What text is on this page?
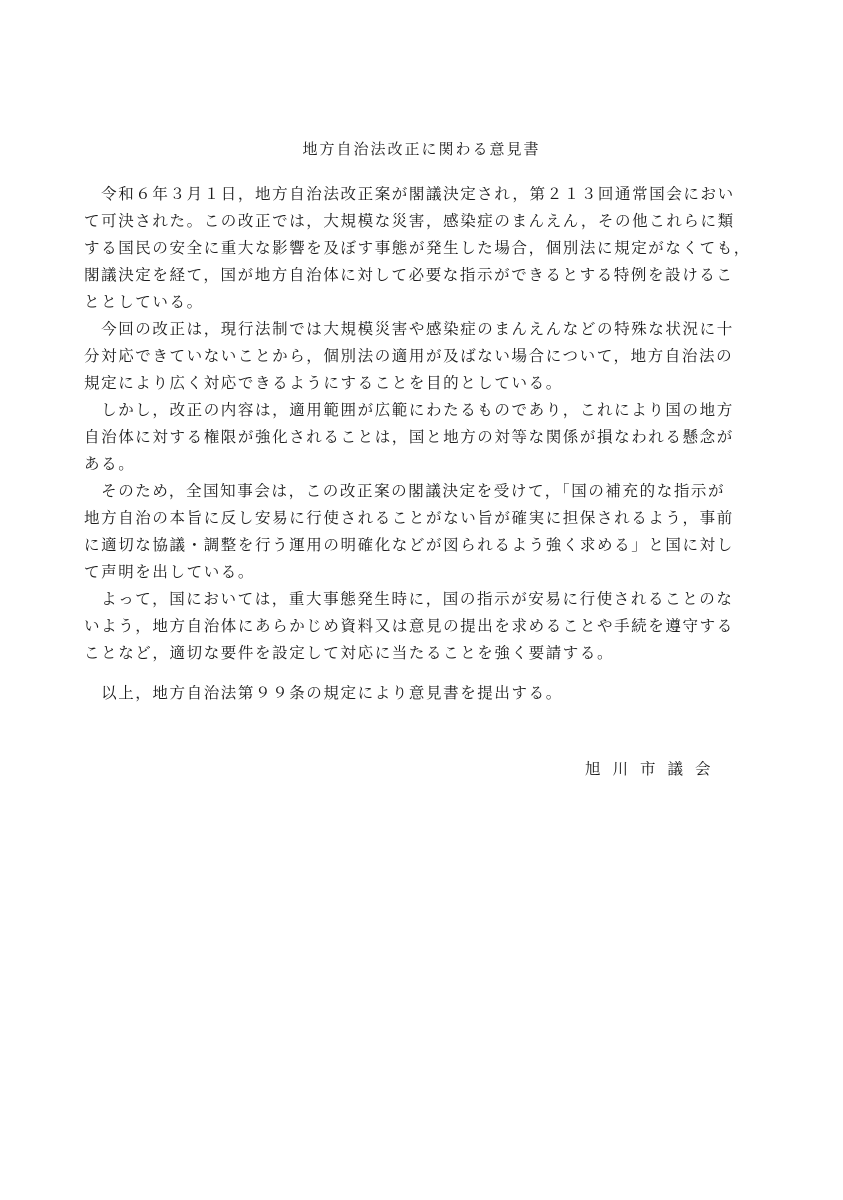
地方自治法改正に関わる意見書
　令和６年３月１日，地方自治法改正案が閣議決定され，第２１３回通常国会におい
て可決された。この改正では，大規模な災害，感染症のまんえん，その他これらに類
する国民の安全に重大な影響を及ぼす事態が発生した場合，個別法に規定がなくても，
閣議決定を経て，国が地方自治体に対して必要な指示ができるとする特例を設けるこ
ととしている。
　今回の改正は，現行法制では大規模災害や感染症のまんえんなどの特殊な状況に十
分対応できていないことから，個別法の適用が及ばない場合について，地方自治法の
規定により広く対応できるようにすることを目的としている。
　しかし，改正の内容は，適用範囲が広範にわたるものであり，これにより国の地方
自治体に対する権限が強化されることは，国と地方の対等な関係が損なわれる懸念が
ある。
　そのため，全国知事会は，この改正案の閣議決定を受けて，「国の補充的な指示が
地方自治の本旨に反し安易に行使されることがない旨が確実に担保されるよう，事前
に適切な協議・調整を行う運用の明確化などが図られるよう強く求める」と国に対し
て声明を出している。
　よって，国においては，重大事態発生時に，国の指示が安易に行使されることのな
いよう，地方自治体にあらかじめ資料又は意見の提出を求めることや手続を遵守する
ことなど，適切な要件を設定して対応に当たることを強く要請する。
　以上，地方自治法第９９条の規定により意見書を提出する。
旭川市議会
